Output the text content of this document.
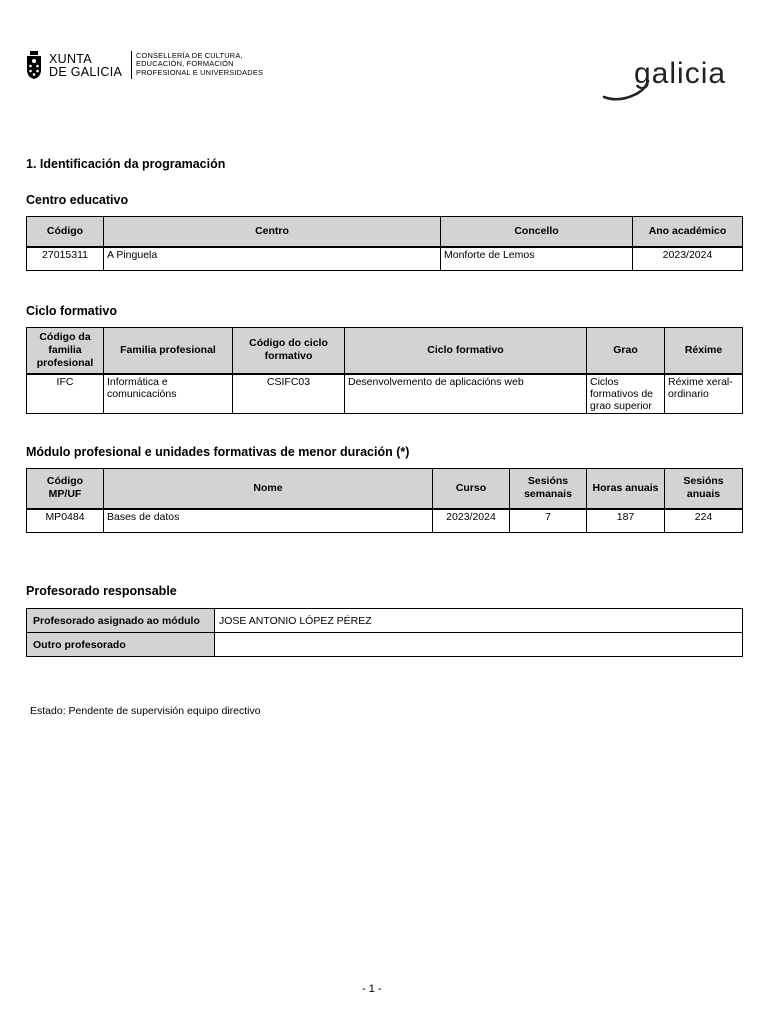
XUNTA
DE GALICIA
CONSELLERÍA DE CULTURA,
EDUCACIÓN, FORMACIÓN
PROFESIONAL E UNIVERSIDADES	galicia
1. Identificación da programación
Centro educativo
Código	Centro	Concello	Ano académico
27015311	A Pinguela	Monforte de Lemos	2023/2024
Ciclo formativo
Código da familia profesional	Familia profesional	Código do ciclo formativo	Ciclo formativo	Grao	Réxime
IFC	Informática e comunicacións	CSIFC03	Desenvolvemento de aplicacións web	Ciclos formativos de grao superior	Réxime xeral-ordinario
Módulo profesional e unidades formativas de menor duración (*)
Código MP/UF	Nome	Curso	Sesións semanais	Horas anuais	Sesións anuais
MP0484	Bases de datos	2023/2024	7	187	224
Profesorado responsable
Profesorado asignado ao módulo	JOSE ANTONIO LÓPEZ PÉREZ
Outro profesorado	
Estado: Pendente de supervisión equipo directivo
- 1 -
